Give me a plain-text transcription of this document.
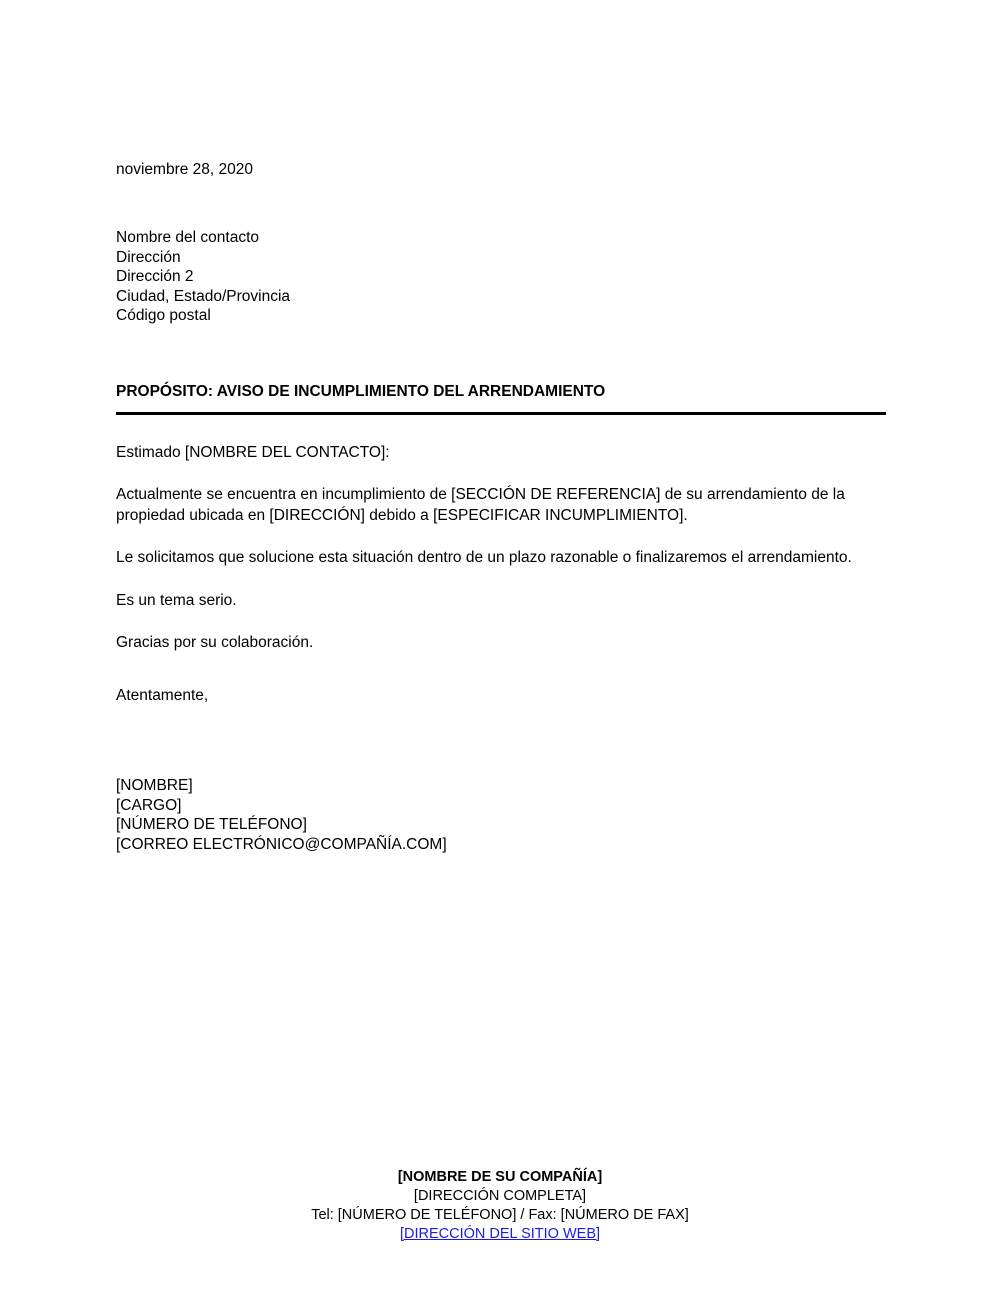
noviembre 28, 2020

Nombre del contacto
Dirección
Dirección 2
Ciudad, Estado/Provincia
Código postal

PROPÓSITO: AVISO DE INCUMPLIMIENTO DEL ARRENDAMIENTO

Estimado [NOMBRE DEL CONTACTO]:

Actualmente se encuentra en incumplimiento de [SECCIÓN DE REFERENCIA] de su arrendamiento de la propiedad ubicada en [DIRECCIÓN] debido a [ESPECIFICAR INCUMPLIMIENTO].

Le solicitamos que solucione esta situación dentro de un plazo razonable o finalizaremos el arrendamiento.

Es un tema serio.

Gracias por su colaboración.

Atentamente,

[NOMBRE]
[CARGO]
[NÚMERO DE TELÉFONO]
[CORREO ELECTRÓNICO@COMPAÑÍA.COM]
[NOMBRE DE SU COMPAÑÍA]
[DIRECCIÓN COMPLETA]
Tel: [NÚMERO DE TELÉFONO] / Fax: [NÚMERO DE FAX]
[DIRECCIÓN DEL SITIO WEB]
